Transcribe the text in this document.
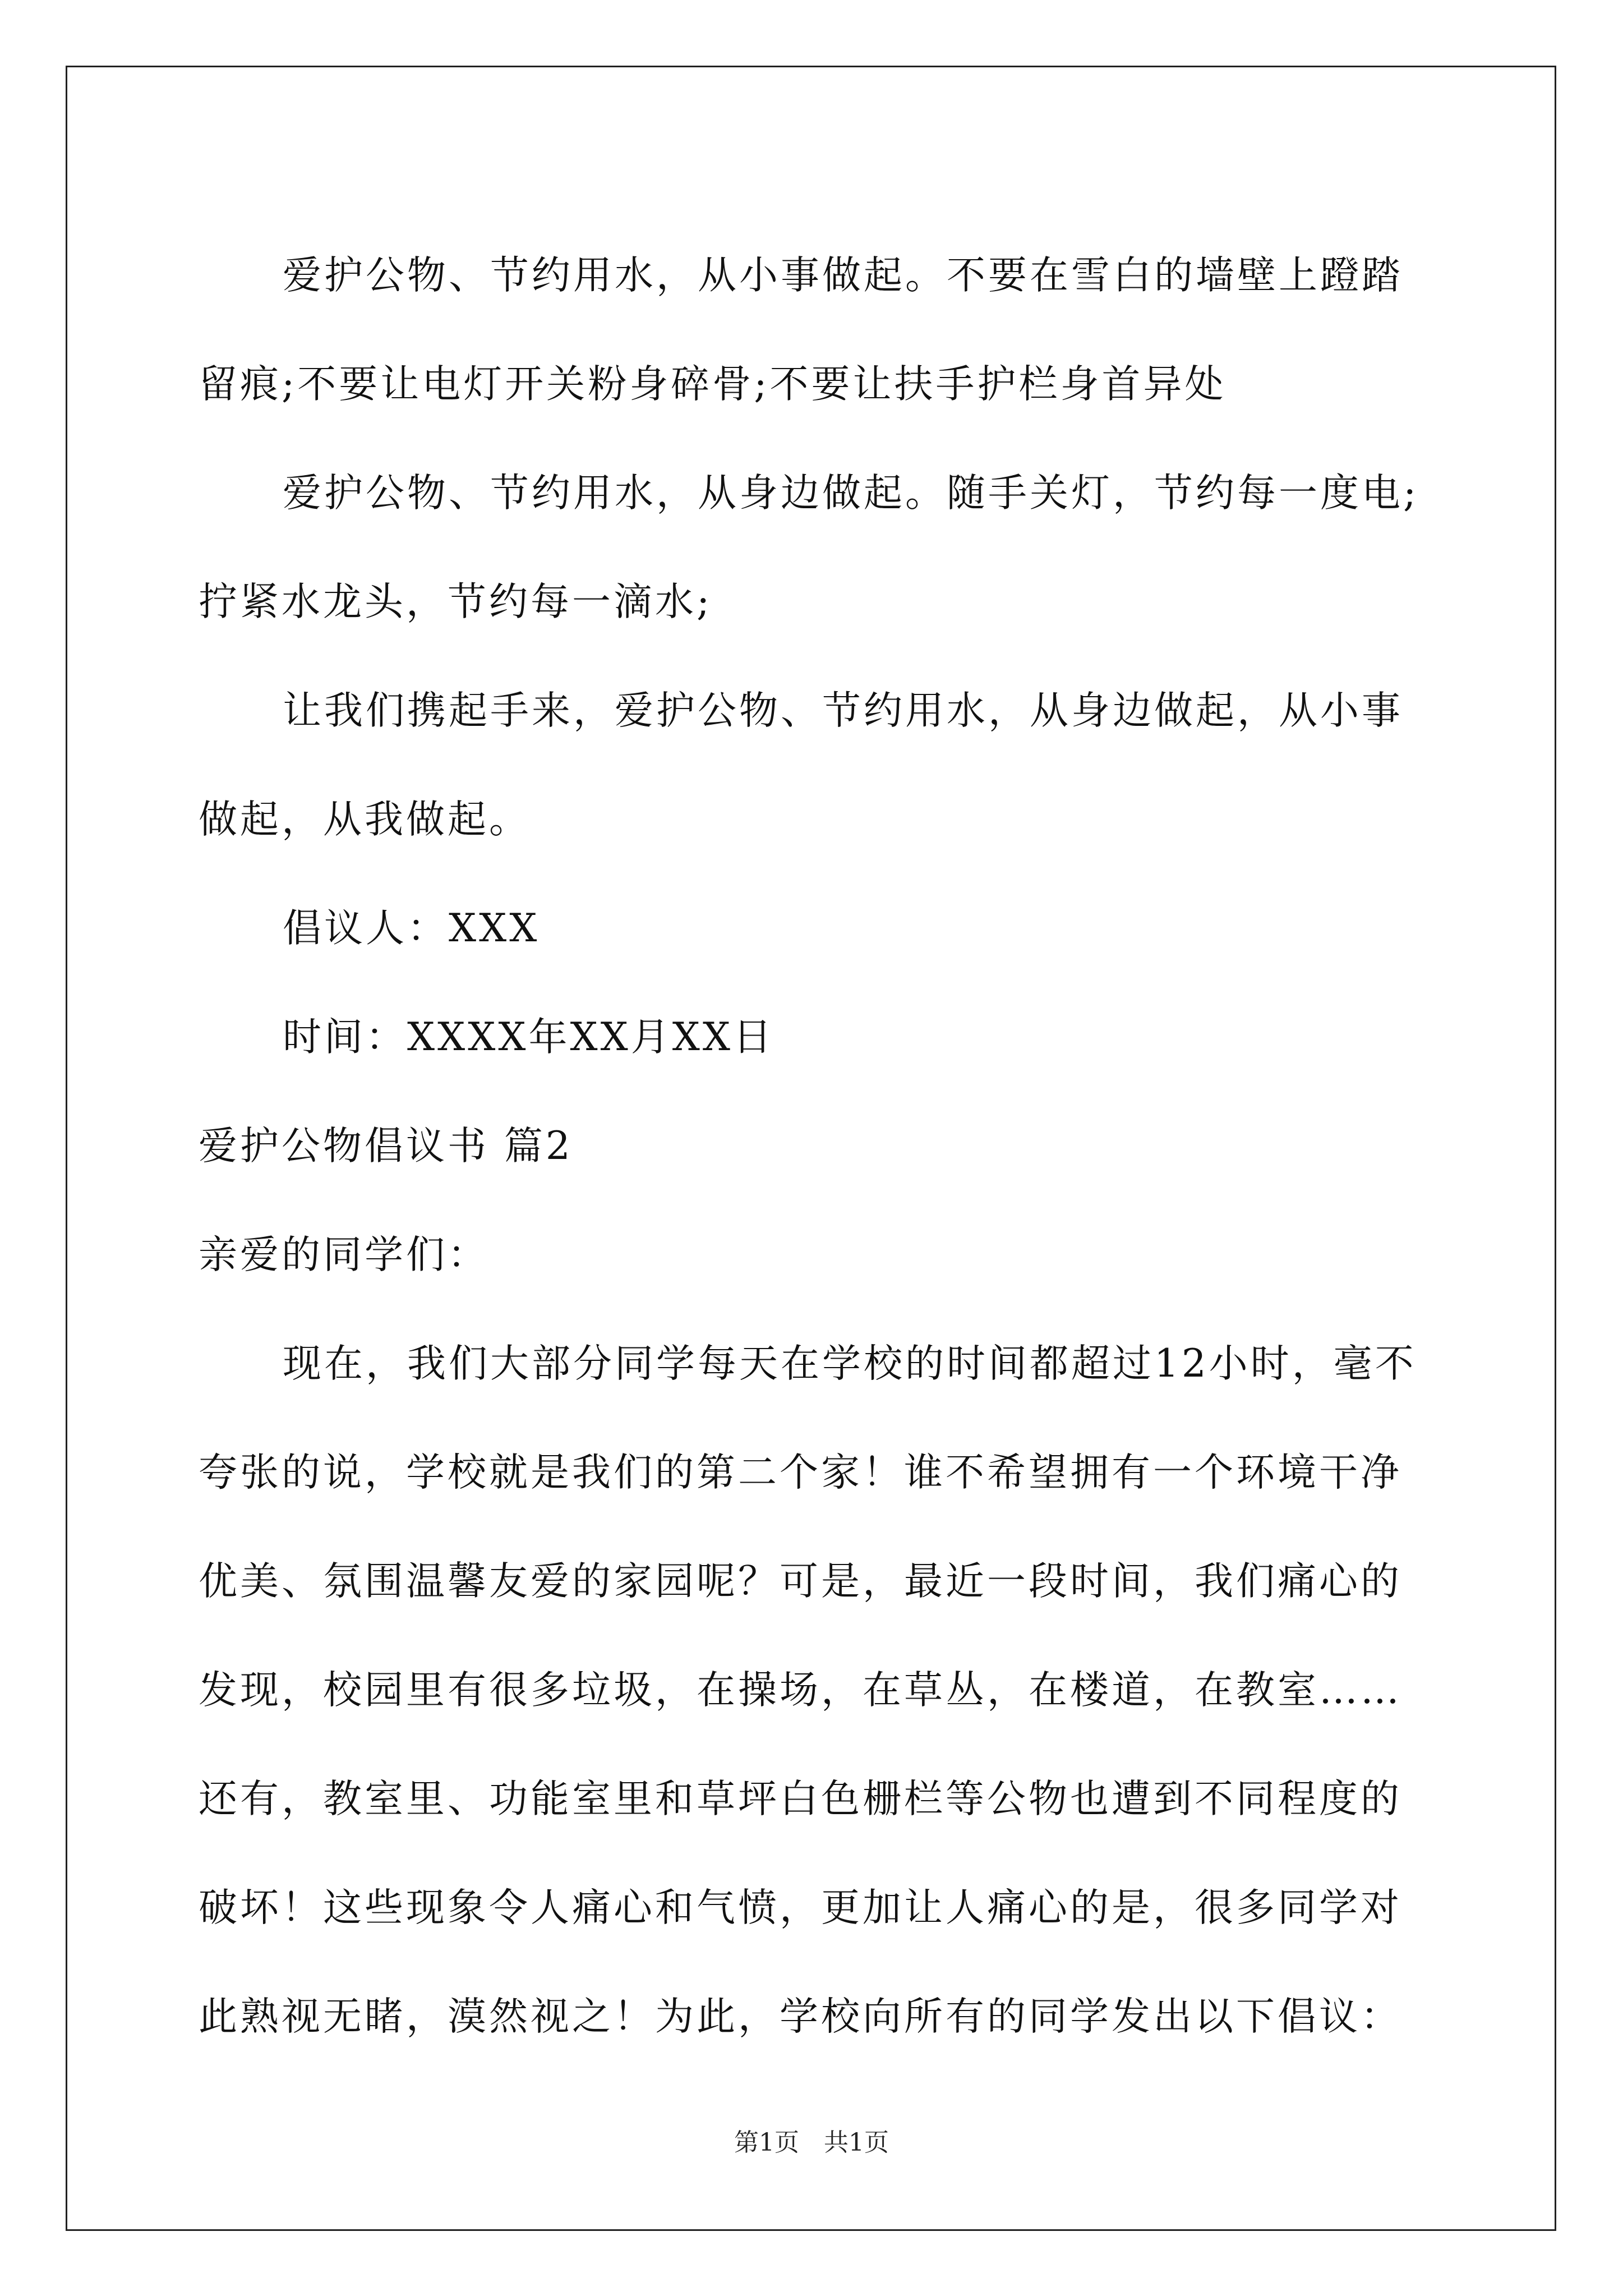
爱护公物、节约用水，从小事做起。不要在雪白的墙壁上蹬踏留痕;不要让电灯开关粉身碎骨;不要让扶手护栏身首异处

爱护公物、节约用水，从身边做起。随手关灯，节约每一度电;拧紧水龙头，节约每一滴水;

让我们携起手来，爱护公物、节约用水，从身边做起，从小事做起，从我做起。

倡议人：XXX

时间：XXXX年XX月XX日

爱护公物倡议书 篇2

亲爱的同学们：

现在，我们大部分同学每天在学校的时间都超过12小时，毫不夸张的说，学校就是我们的第二个家！谁不希望拥有一个环境干净优美、氛围温馨友爱的家园呢？可是，最近一段时间，我们痛心的发现，校园里有很多垃圾，在操场，在草丛，在楼道，在教室……还有，教室里、功能室里和草坪白色栅栏等公物也遭到不同程度的破坏！这些现象令人痛心和气愤，更加让人痛心的是，很多同学对此熟视无睹，漠然视之！为此，学校向所有的同学发出以下倡议：

第1页　共1页
